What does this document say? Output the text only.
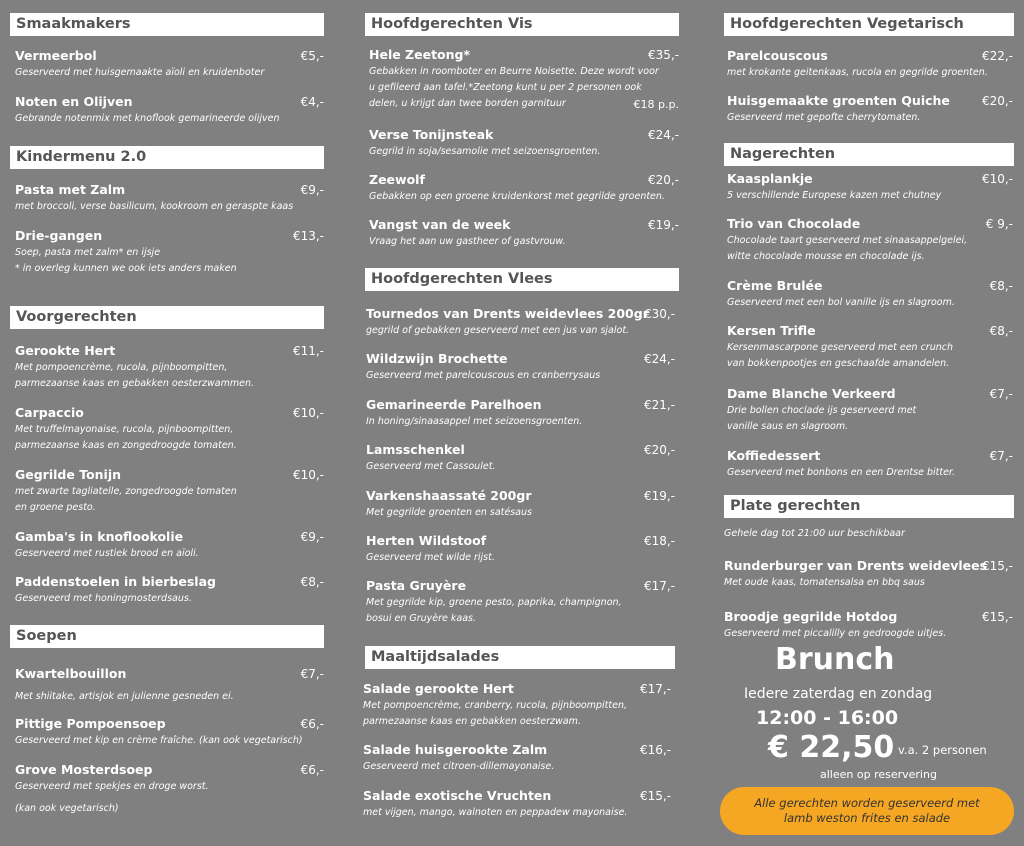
Smaakmakers
Kindermenu 2.0
Voorgerechten
Soepen
Hoofdgerechten Vis
Hoofdgerechten Vlees
Maaltijdsalades
Hoofdgerechten Vegetarisch
Nagerechten
Plate gerechten
Gehele dag tot 21:00 uur beschikbaar
Vermeerbol	€5,-
Geserveerd met huisgemaakte aïoli en kruidenboter
Noten en Olijven	€4,-
Gebrande notenmix met knoflook gemarineerde olijven
Pasta met Zalm	€9,-
met broccoli, verse basilicum, kookroom en geraspte kaas
Drie-gangen	€13,-
Soep, pasta met zalm* en ijsje
* in overleg kunnen we ook iets anders maken
Gerookte Hert	€11,-
Met pompoencrème, rucola, pijnboompitten,
parmezaanse kaas en gebakken oesterzwammen.
Carpaccio	€10,-
Met truffelmayonaise, rucola, pijnboompitten,
parmezaanse kaas en zongedroogde tomaten.
Gegrilde Tonijn	€10,-
met zwarte tagliatelle, zongedroogde tomaten
en groene pesto.
Gamba's in knoflookolie	€9,-
Geserveerd met rustiek brood en aïoli.
Paddenstoelen in bierbeslag	€8,-
Geserveerd met honingmosterdsaus.
Kwartelbouillon	€7,-
Met shiitake, artisjok en julienne gesneden ei.
Pittige Pompoensoep	€6,-
Geserveerd met kip en crème fraîche. (kan ook vegetarisch)
Grove Mosterdsoep	€6,-
Geserveerd met spekjes en droge worst.
(kan ook vegetarisch)
Hele Zeetong*	€35,-
Gebakken in roomboter en Beurre Noisette. Deze wordt voor
u gefileerd aan tafel.*Zeetong kunt u per 2 personen ook
delen, u krijgt dan twee borden garnituur	€18 p.p.
Verse Tonijnsteak	€24,-
Gegrild in soja/sesamolie met seizoensgroenten.
Zeewolf	€20,-
Gebakken op een groene kruidenkorst met gegrilde groenten.
Vangst van de week	€19,-
Vraag het aan uw gastheer of gastvrouw.
Tournedos van Drents weidevlees 200gr
€30,-
gegrild of gebakken geserveerd met een jus van sjalot.
Wildzwijn Brochette	€24,-
Geserveerd met parelcouscous en cranberrysaus
Gemarineerde Parelhoen	€21,-
In honing/sinaasappel met seizoensgroenten.
Lamsschenkel	€20,-
Geserveerd met Cassoulet.
Varkenshaassaté 200gr	€19,-
Met gegrilde groenten en satésaus
Herten Wildstoof	€18,-
Geserveerd met wilde rijst.
Pasta Gruyère	€17,-
Met gegrilde kip, groene pesto, paprika, champignon,
bosui en Gruyère kaas.
Salade gerookte Hert	€17,-
Met pompoencrème, cranberry, rucola, pijnboompitten,
parmezaanse kaas en gebakken oesterzwam.
Salade huisgerookte Zalm	€16,-
Geserveerd met citroen-dillemayonaise.
Salade exotische Vruchten	€15,-
met vijgen, mango, walnoten en peppadew mayonaise.
Parelcouscous	€22,-
met krokante geitenkaas, rucola en gegrilde groenten.
Huisgemaakte groenten Quiche	€20,-
Geserveerd met gepofte cherrytomaten.
Kaasplankje	€10,-
5 verschillende Europese kazen met chutney
Trio van Chocolade	€ 9,-
Chocolade taart geserveerd met sinaasappelgelei,
witte chocolade mousse en chocolade ijs.
Crème Brulée	€8,-
Geserveerd met een bol vanille ijs en slagroom.
Kersen Trifle	€8,-
Kersenmascarpone geserveerd met een crunch
van bokkenpootjes en geschaafde amandelen.
Dame Blanche Verkeerd	€7,-
Drie bollen choclade ijs geserveerd met
vanille saus en slagroom.
Koffiedessert	€7,-
Geserveerd met bonbons en een Drentse bitter.
Runderburger van Drents weidevlees
€15,-
Met oude kaas, tomatensalsa en bbq saus
Broodje gegrilde Hotdog	€15,-
Geserveerd met piccalilly en gedroogde uitjes.
Brunch
Iedere zaterdag en zondag
12:00 - 16:00
€ 22,50 v.a. 2 personen
alleen op reservering
Alle gerechten worden geserveerd met
lamb weston frites en salade
